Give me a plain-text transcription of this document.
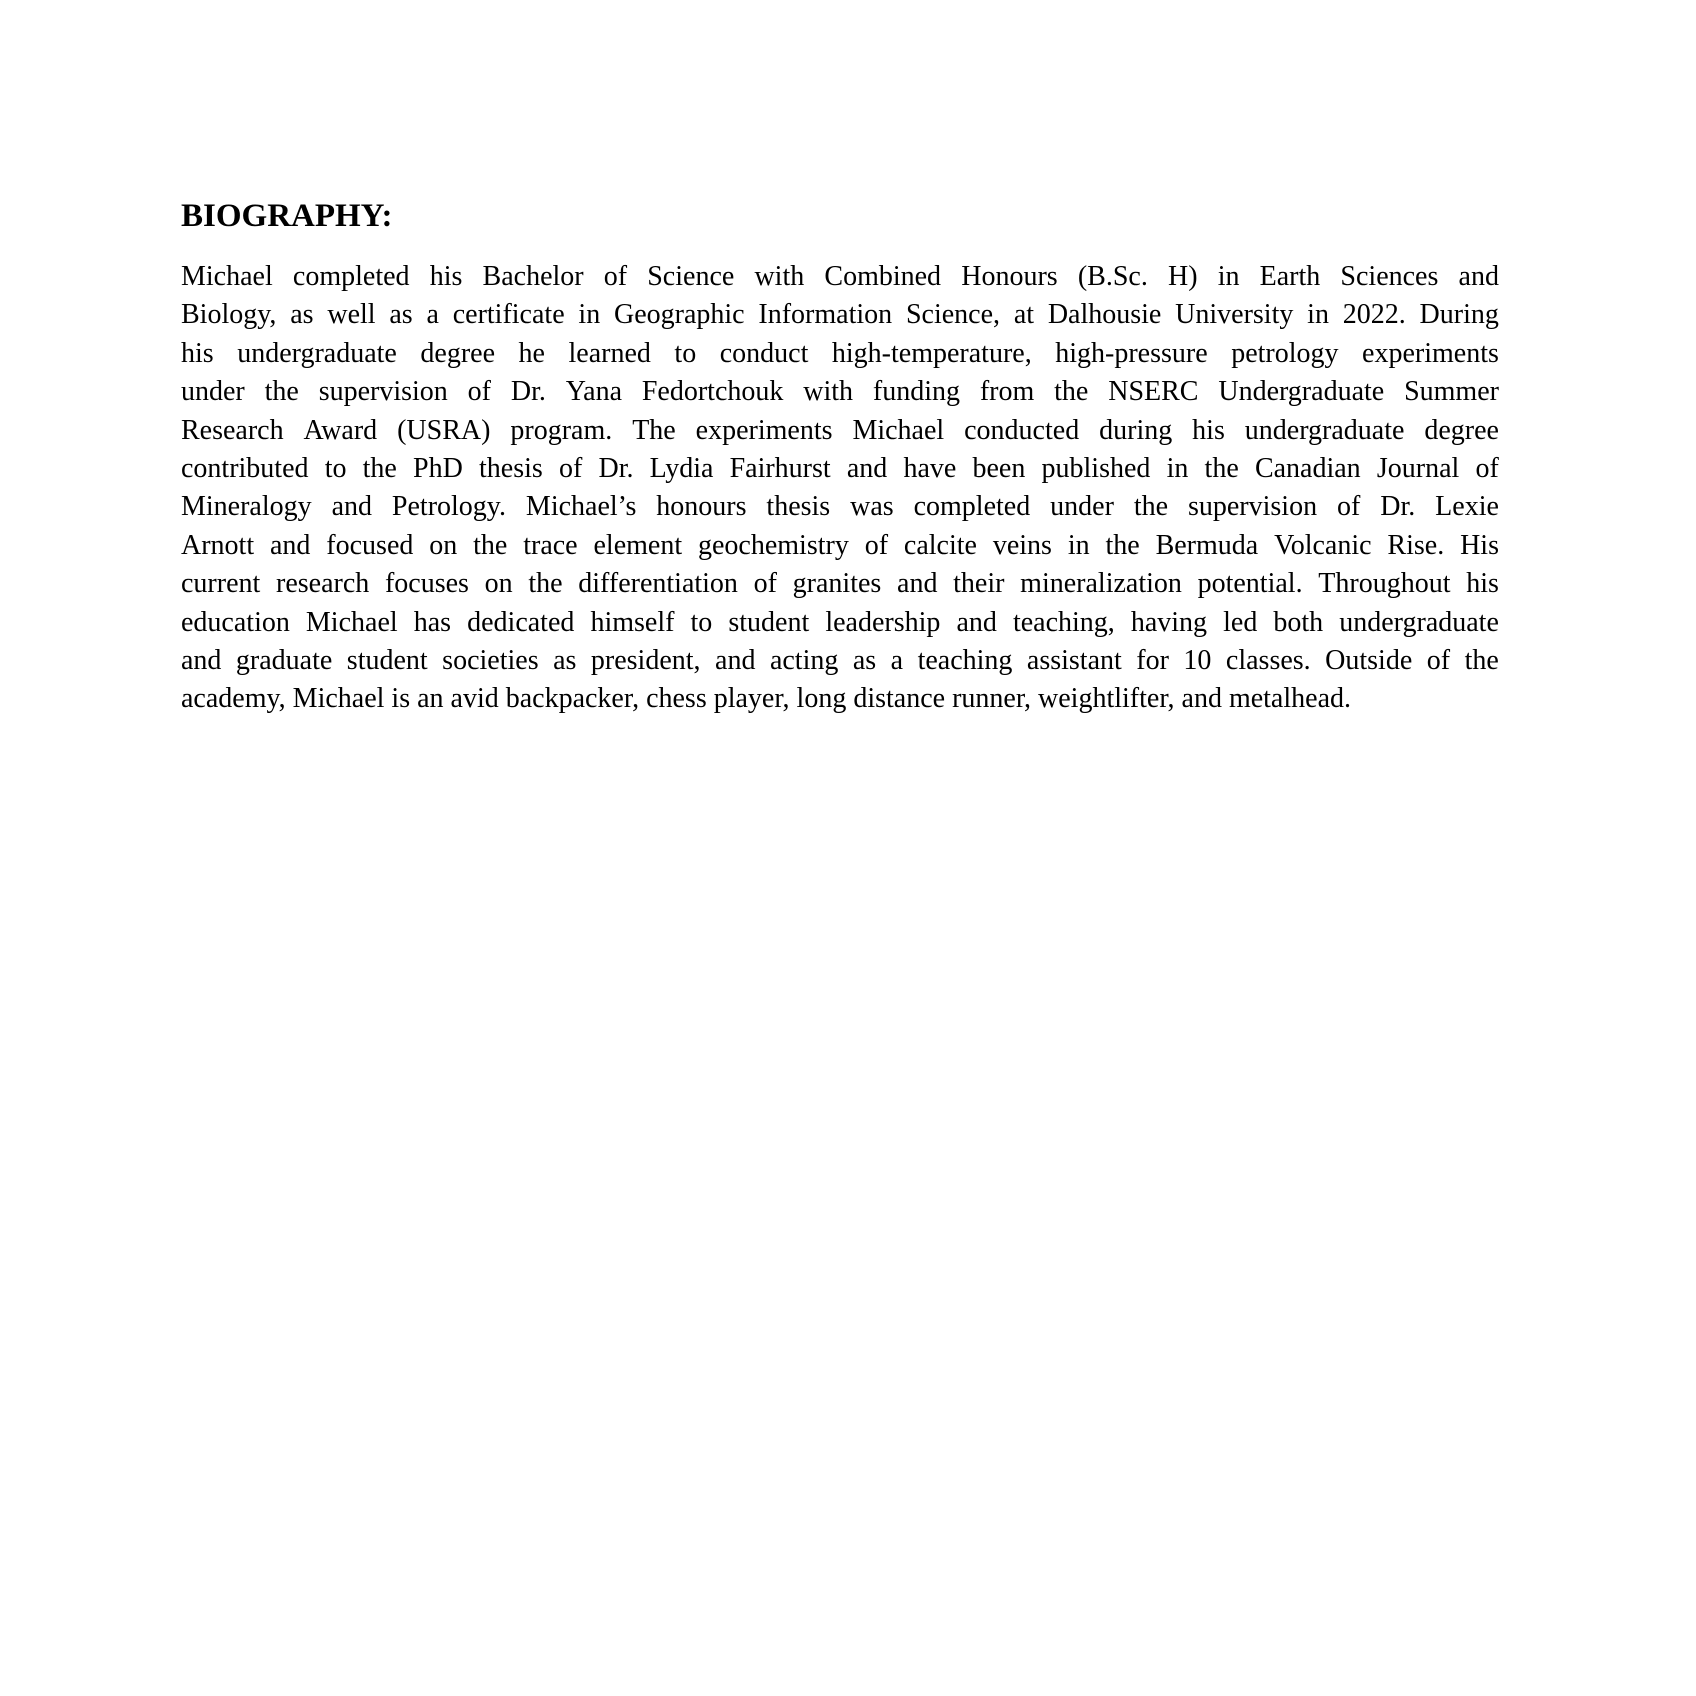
BIOGRAPHY:
Michael completed his Bachelor of Science with Combined Honours (B.Sc. H) in Earth Sciences and
Biology, as well as a certificate in Geographic Information Science, at Dalhousie University in 2022. During
his undergraduate degree he learned to conduct high-temperature, high-pressure petrology experiments
under the supervision of Dr. Yana Fedortchouk with funding from the NSERC Undergraduate Summer
Research Award (USRA) program. The experiments Michael conducted during his undergraduate degree
contributed to the PhD thesis of Dr. Lydia Fairhurst and have been published in the Canadian Journal of
Mineralogy and Petrology. Michael’s honours thesis was completed under the supervision of Dr. Lexie
Arnott and focused on the trace element geochemistry of calcite veins in the Bermuda Volcanic Rise. His
current research focuses on the differentiation of granites and their mineralization potential. Throughout his
education Michael has dedicated himself to student leadership and teaching, having led both undergraduate
and graduate student societies as president, and acting as a teaching assistant for 10 classes. Outside of the
academy, Michael is an avid backpacker, chess player, long distance runner, weightlifter, and metalhead.
